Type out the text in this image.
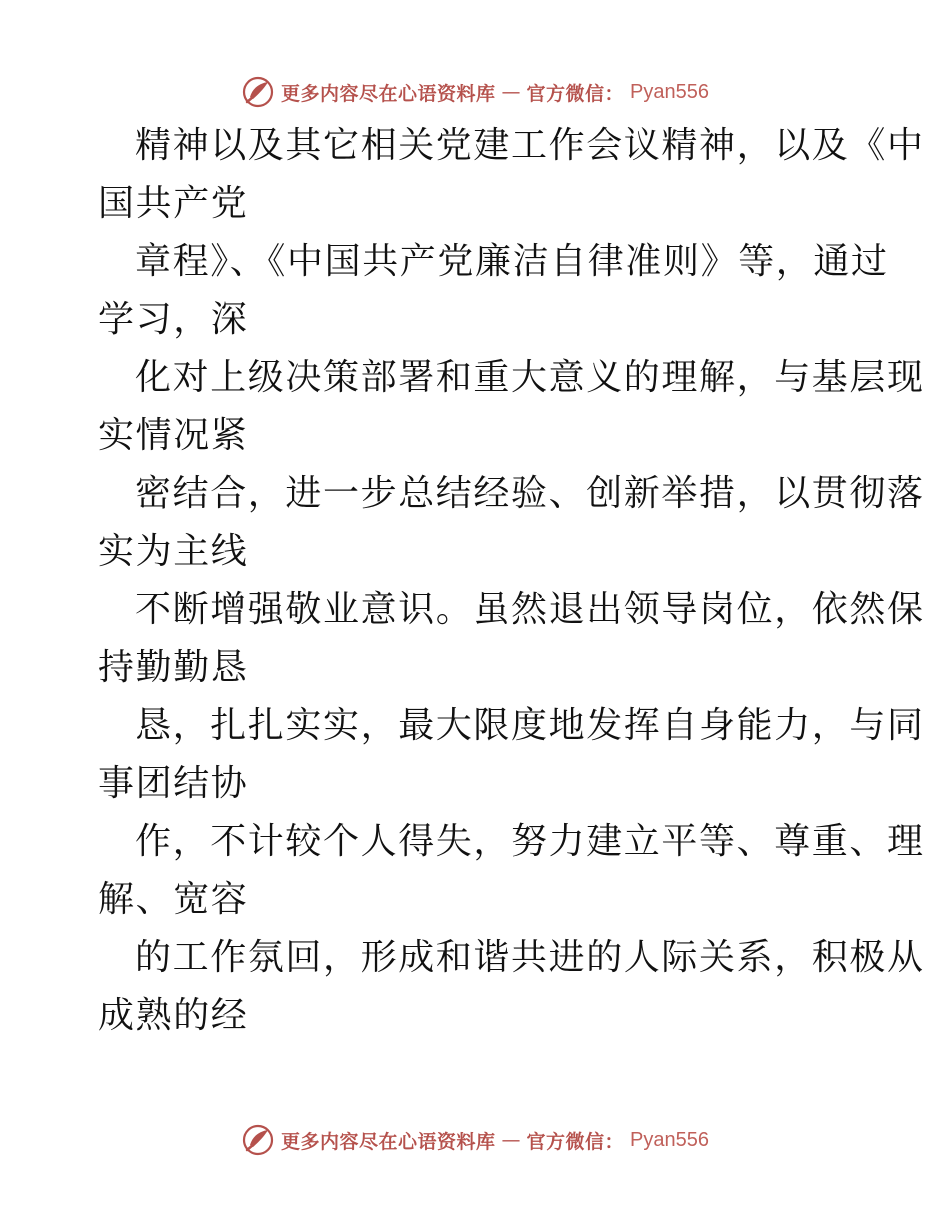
更多内容尽在心语资料库 — 官方微信： Pyan556
精神以及其它相关党建工作会议精神，以及《中
国共产党
章程》、《中国共产党廉洁自律准则》等，通过
学习，深
化对上级决策部署和重大意义的理解，与基层现
实情况紧
密结合，进一步总结经验、创新举措，以贯彻落
实为主线
不断增强敬业意识。虽然退出领导岗位，依然保
持勤勤恳
恳，扎扎实实，最大限度地发挥自身能力，与同
事团结协
作，不计较个人得失，努力建立平等、尊重、理
解、宽容
的工作氛回，形成和谐共进的人际关系，积极从
成熟的经
更多内容尽在心语资料库 — 官方微信： Pyan556
